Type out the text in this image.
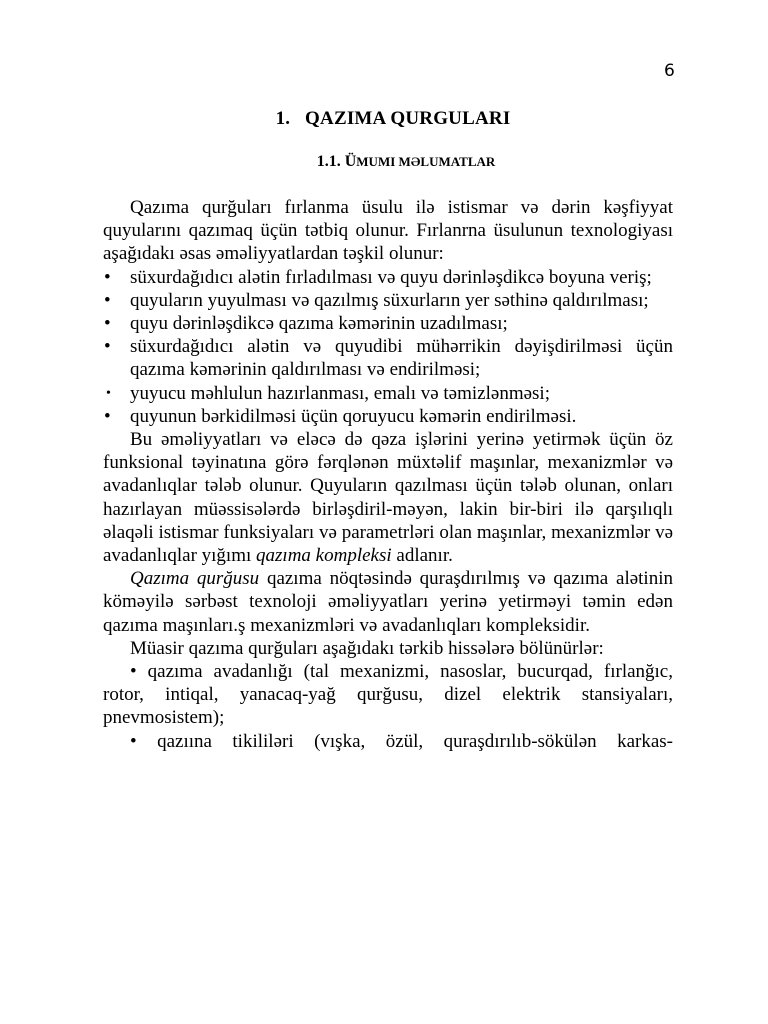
6
1.   QAZIMA QURGULARI
1.1. ÜMUMI MƏLUMATLAR

Qazıma qurğuları fırlanma üsulu ilə istismar və dərin kəşfiyyat quyularını qazımaq üçün tətbiq olunur. Fırlanrna üsulunun texnologiyası aşağıdakı əsas əməliyyatlardan təşkil olunur:

• süxurdağıdıcı alətin fırladılması və quyu dərinləşdikcə boyuna veriş;
• quyuların yuyulması və qazılmış süxurların yer səthinə qaldırılması;
• quyu dərinləşdikcə qazıma kəmərinin uzadılması;
• süxurdağıdıcı alətin və quyudibi mühərrikin dəyişdirilməsi üçün qazıma kəmərinin qaldırılması və endirilməsi;
• yuyucu məhlulun hazırlanması, emalı və təmizlənməsi;
• quyunun bərkidilməsi üçün qoruyucu kəmərin endirilməsi.

Bu əməliyyatları və eləcə də qəza işlərini yerinə yetirmək üçün öz funksional təyinatına görə fərqlənən müxtəlif maşınlar, mexanizmlər və avadanlıqlar tələb olunur. Quyuların qazılması üçün tələb olunan, onları hazırlayan müəssisələrdə birləşdiril-məyən, lakin bir-biri ilə qarşılıqlı əlaqəli istismar funksiyaları və parametrləri olan maşınlar, mexanizmlər və avadanlıqlar yığımı qazıma kompleksi adlanır.

Qazıma qurğusu qazıma nöqtəsində quraşdırılmış və qazıma alətinin köməyilə sərbəst texnoloji əməliyyatları yerinə yetirməyi təmin edən qazıma maşınları.ş mexanizmləri və avadanlıqları kompleksidir.

Müasir qazıma qurğuları aşağıdakı tərkib hissələrə bölünürlər:

• qazıma avadanlığı (tal mexanizmi, nasoslar, bucurqad, fırlanğıc, rotor, intiqal, yanacaq-yağ qurğusu, dizel elektrik stansiyaları, pnevmosistem);

• qazıına tikililəri (vışka, özül, quraşdırılıb-sökülən karkas-
